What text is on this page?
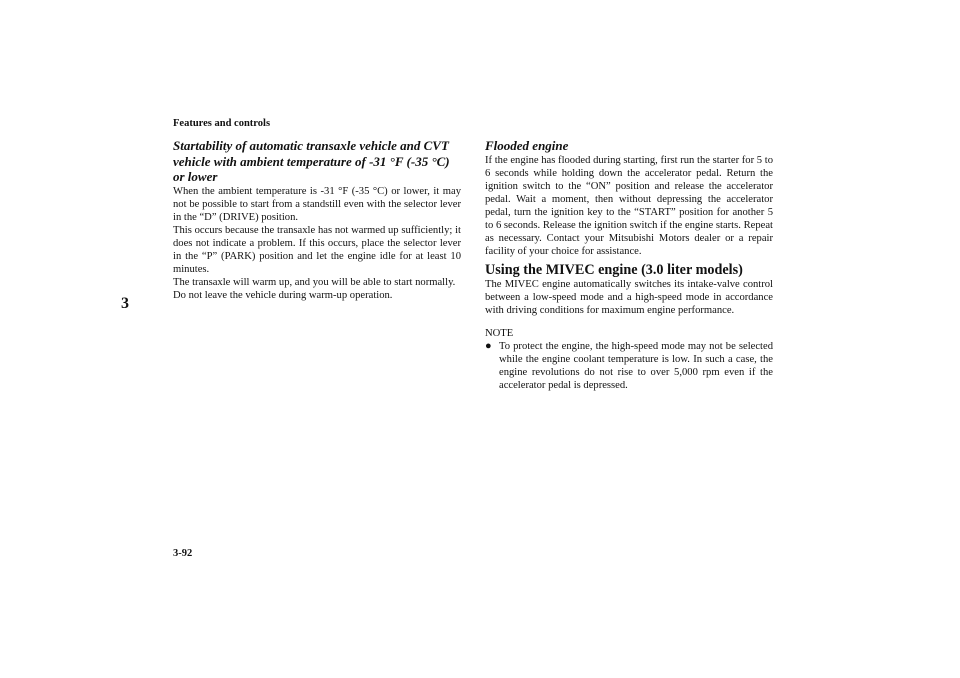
Features and controls
3
Startability of automatic transaxle vehicle and CVT vehicle with ambient temperature of -31 °F (-35 °C) or lower

When the ambient temperature is -31 °F (-35 °C) or lower, it may not be possible to start from a standstill even with the selector lever in the “D” (DRIVE) position.

This occurs because the transaxle has not warmed up sufficiently; it does not indicate a problem. If this occurs, place the selector lever in the “P” (PARK) position and let the engine idle for at least 10 minutes.

The transaxle will warm up, and you will be able to start normally.

Do not leave the vehicle during warm-up operation.

Flooded engine

If the engine has flooded during starting, first run the starter for 5 to 6 seconds while holding down the accelerator pedal. Return the ignition switch to the “ON” position and release the accelerator pedal. Wait a moment, then without depressing the accelerator pedal, turn the ignition key to the “START” position for another 5 to 6 seconds. Release the ignition switch if the engine starts. Repeat as necessary. Contact your Mitsubishi Motors dealer or a repair facility of your choice for assistance.

Using the MIVEC engine (3.0 liter models)

The MIVEC engine automatically switches its intake-valve control between a low-speed mode and a high-speed mode in accordance with driving conditions for maximum engine performance.

NOTE
● To protect the engine, the high-speed mode may not be selected while the engine coolant temperature is low. In such a case, the engine revolutions do not rise to over 5,000 rpm even if the accelerator pedal is depressed.
3-92
